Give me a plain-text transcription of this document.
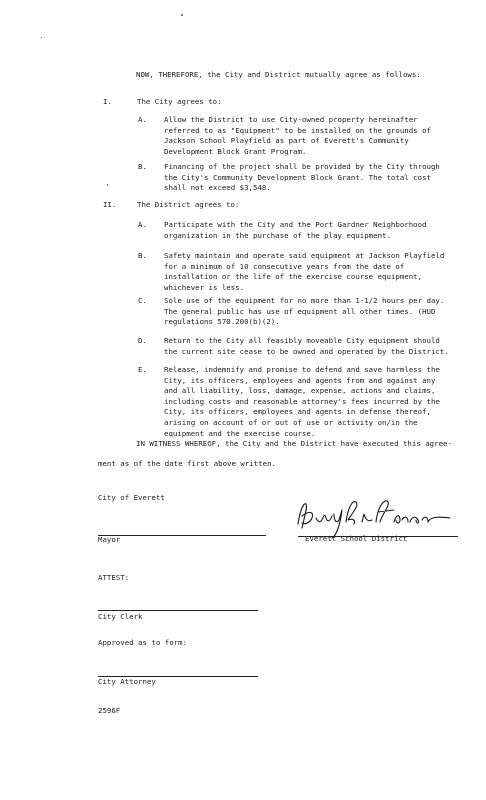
NOW, THEREFORE, the City and District mutually agree as follows:
I.	The City agrees to:
A. Allow the District to use City-owned property hereinafter
referred to as "Equipment" to be installed on the grounds of
Jackson School Playfield as part of Everett's Community
Development Block Grant Program.
B. Financing of the project shall be provided by the City through
the City's Community Development Block Grant. The total cost
shall not exceed $3,548.
II.	The District agrees to:
A. Participate with the City and the Port Gardner Neighborhood
organization in the purchase of the play equipment.
B. Safety maintain and operate said equipment at Jackson Playfield
for a minimum of 10 consecutive years from the date of
installation or the life of the exercise course equipment,
whichever is less.
C. Sole use of the equipment for no more than 1-1/2 hours per day.
The general public has use of equipment all other times. (HUD
regulations 570.200(b)(2).
D. Return to the City all feasibly moveable City equipment should
the current site cease to be owned and operated by the District.
E. Release, indemnify and promise to defend and save harmless the
City, its officers, employees and agents from and against any
and all liability, loss, damage, expense, actions and claims,
including costs and reasonable attorney's fees incurred by the
City, its officers, employees and agents in defense thereof,
arising on account of or out of use or activity on/in the
equipment and the exercise course.
IN WITNESS WHEREOF, the City and the District have executed this agree-
ment as of the date first above written.
City of Everett
Mayor	Everett School District
ATTEST:
City Clerk
Approved as to form:
City Attorney
2596F
